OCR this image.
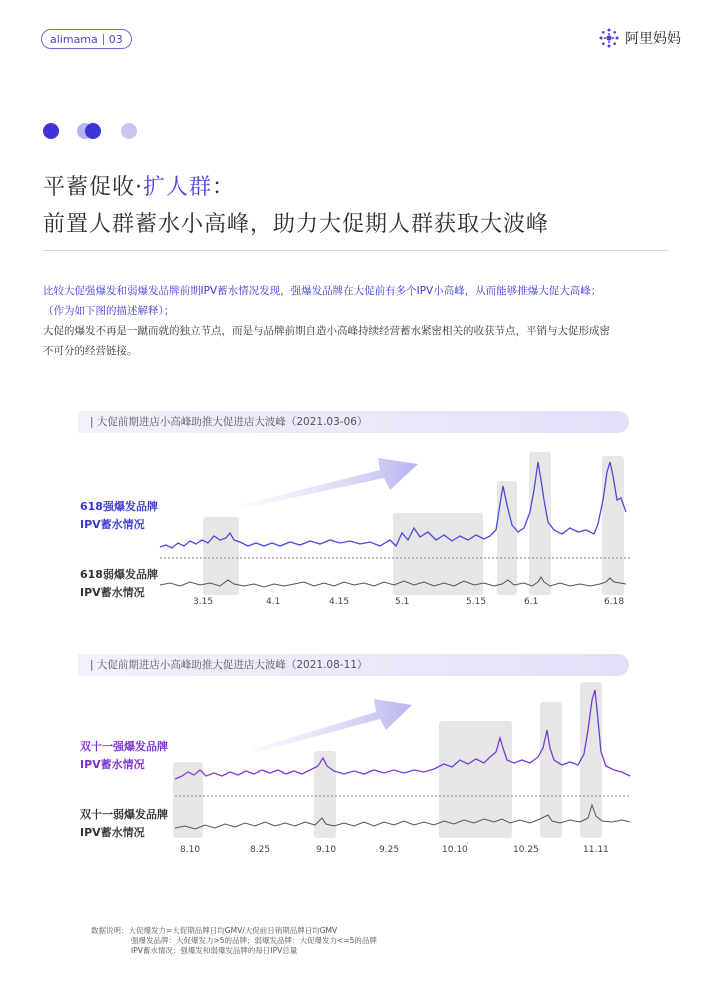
alimama 03	阿里妈妈
平蓄促收·扩人群：
前置人群蓄水小高峰，助力大促期人群获取大波峰
比较大促强爆发和弱爆发品牌前期IPV蓄水情况发现，强爆发品牌在大促前有多个IPV小高峰，从而能够推爆大促大高峰；
（作为如下图的描述解释）；
大促的爆发不再是一蹴而就的独立节点，而是与品牌前期自造小高峰持续经营蓄水紧密相关的收获节点，平销与大促形成密
不可分的经营链接。
| 大促前期进店小高峰助推大促进店大波峰（2021.03-06）
618强爆发品牌
IPV蓄水情况
618弱爆发品牌
IPV蓄水情况
3.15	4.1	4.15	5.1	5.15	6.1	6.18
| 大促前期进店小高峰助推大促进店大波峰（2021.08-11）
双十一强爆发品牌
IPV蓄水情况
双十一弱爆发品牌
IPV蓄水情况
8.10	8.25	9.10	9.25	10.10	10.25	11.11
数据说明：大促爆发力=大促期品牌日均GMV/大促前日销期品牌日均GMV
强爆发品牌：大促爆发力>5的品牌；弱爆发品牌：大促爆发力<=5的品牌
IPV蓄水情况：强爆发和弱爆发品牌的每日IPV总量
